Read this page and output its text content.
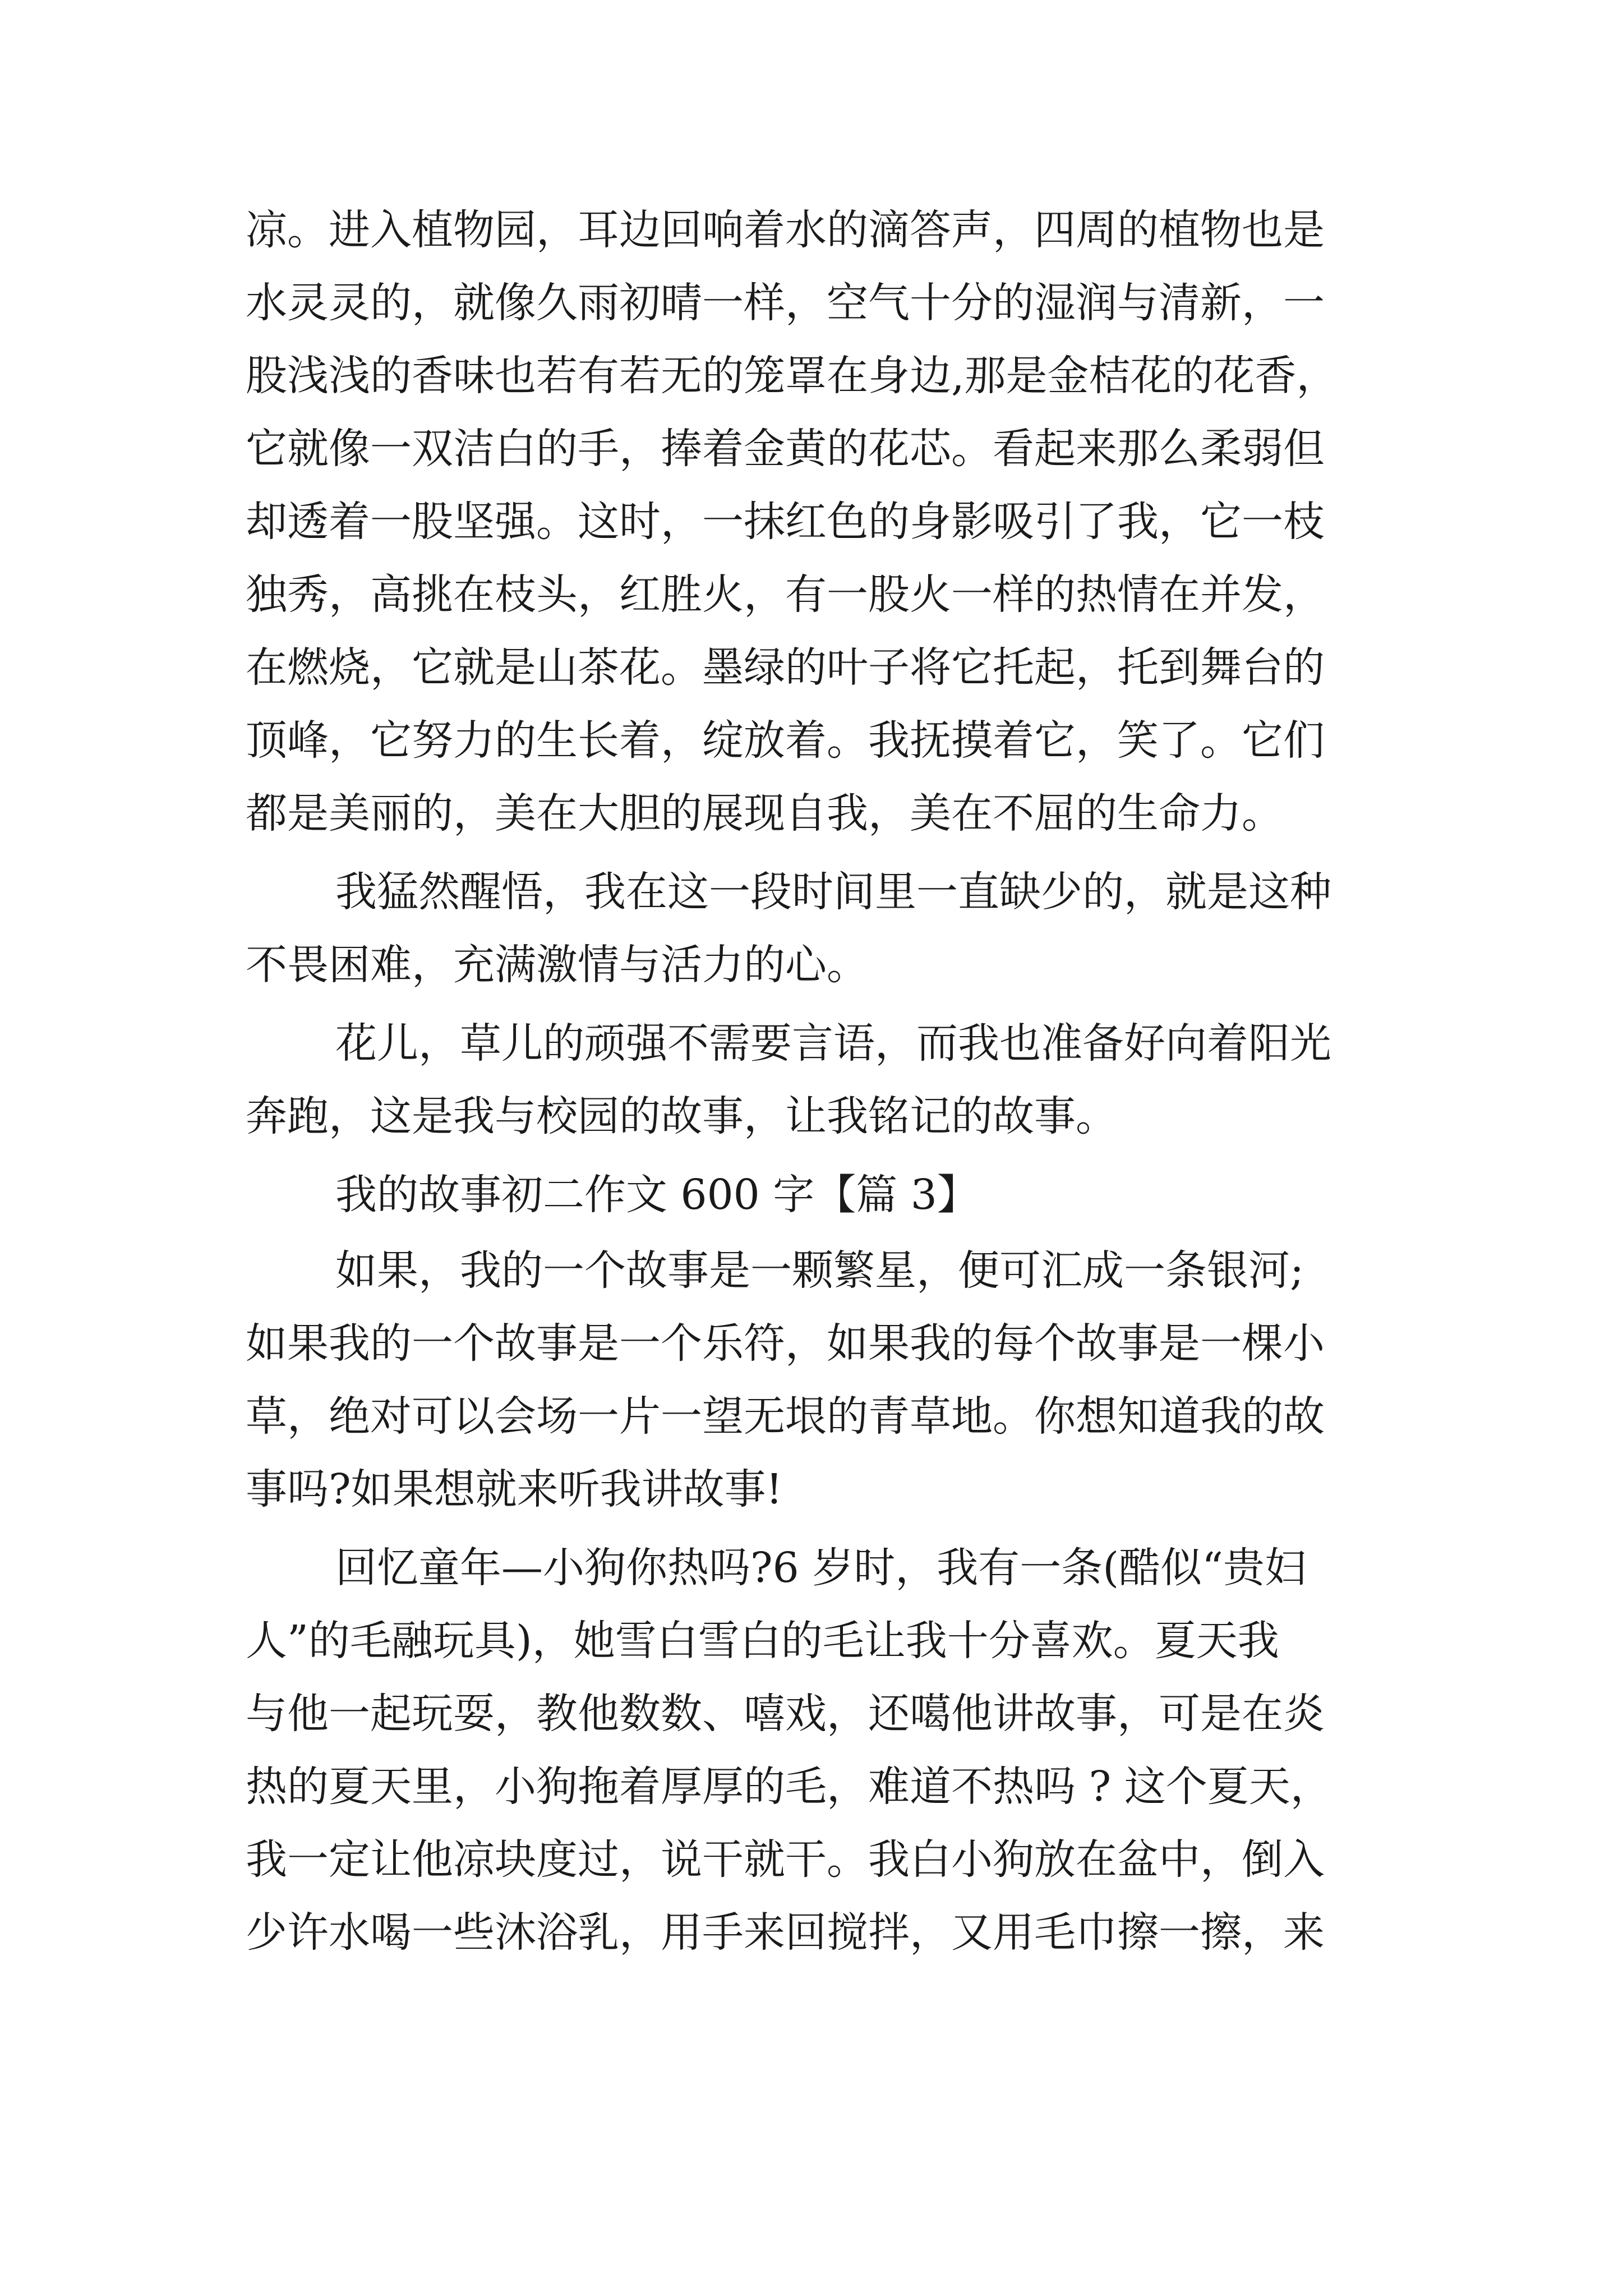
凉。进入植物园，耳边回响着水的滴答声，四周的植物也是
水灵灵的，就像久雨初晴一样，空气十分的湿润与清新，一
股浅浅的香味也若有若无的笼罩在身边,那是金桔花的花香，
它就像一双洁白的手，捧着金黄的花芯。看起来那么柔弱但
却透着一股坚强。这时，一抹红色的身影吸引了我，它一枝
独秀，高挑在枝头，红胜火，有一股火一样的热情在并发，
在燃烧，它就是山茶花。墨绿的叶子将它托起，托到舞台的
顶峰，它努力的生长着，绽放着。我抚摸着它，笑了。它们
都是美丽的，美在大胆的展现自我，美在不屈的生命力。
我猛然醒悟，我在这一段时间里一直缺少的，就是这种
不畏困难，充满激情与活力的心。
花儿，草儿的顽强不需要言语，而我也准备好向着阳光
奔跑，这是我与校园的故事，让我铭记的故事。
我的故事初二作文 600 字【篇 3】
如果，我的一个故事是一颗繁星，便可汇成一条银河;
如果我的一个故事是一个乐符，如果我的每个故事是一棵小
草，绝对可以会场一片一望无垠的青草地。你想知道我的故
事吗?如果想就来听我讲故事!
回忆童年—小狗你热吗?6 岁时，我有一条(酷似“贵妇
人”的毛融玩具)，她雪白雪白的毛让我十分喜欢。夏天我
与他一起玩耍，教他数数、嘻戏，还噶他讲故事，可是在炎
热的夏天里，小狗拖着厚厚的毛，难道不热吗 ? 这个夏天，
我一定让他凉块度过，说干就干。我白小狗放在盆中，倒入
少许水喝一些沐浴乳，用手来回搅拌，又用毛巾擦一擦，来
